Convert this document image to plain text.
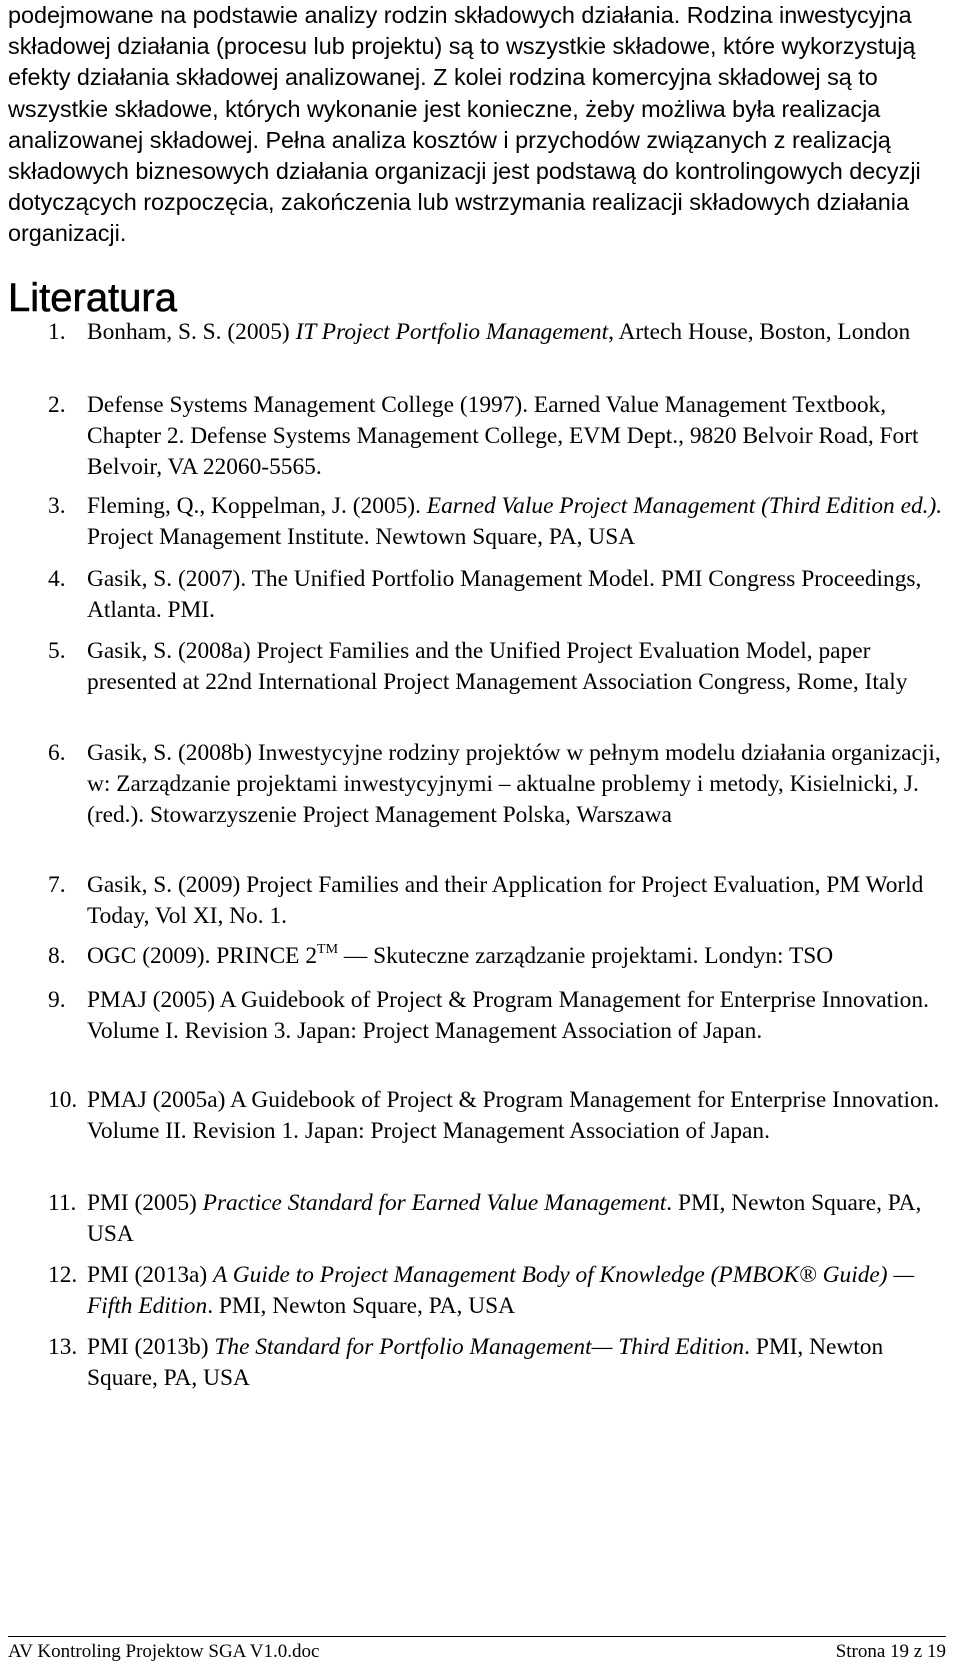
podejmowane na podstawie analizy rodzin składowych działania. Rodzina inwestycyjna składowej działania (procesu lub projektu) są to wszystkie składowe, które wykorzystują efekty działania składowej analizowanej. Z kolei rodzina komercyjna składowej są to wszystkie składowe, których wykonanie jest konieczne, żeby możliwa była realizacja analizowanej składowej. Pełna analiza kosztów i przychodów związanych z realizacją składowych biznesowych działania organizacji jest podstawą do kontrolingowych decyzji dotyczących rozpoczęcia, zakończenia lub wstrzymania realizacji składowych działania organizacji.

Literatura
1. Bonham, S. S. (2005) IT Project Portfolio Management, Artech House, Boston, London
2. Defense Systems Management College (1997). Earned Value Management Textbook, Chapter 2. Defense Systems Management College, EVM Dept., 9820 Belvoir Road, Fort Belvoir, VA 22060-5565.
3. Fleming, Q., Koppelman, J. (2005). Earned Value Project Management (Third Edition ed.). Project Management Institute. Newtown Square, PA, USA
4. Gasik, S. (2007). The Unified Portfolio Management Model. PMI Congress Proceedings, Atlanta. PMI.
5. Gasik, S. (2008a) Project Families and the Unified Project Evaluation Model, paper presented at 22nd International Project Management Association Congress, Rome, Italy
6. Gasik, S. (2008b) Inwestycyjne rodziny projektów w pełnym modelu działania organizacji, w: Zarządzanie projektami inwestycyjnymi – aktualne problemy i metody, Kisielnicki, J. (red.). Stowarzyszenie Project Management Polska, Warszawa
7. Gasik, S. (2009) Project Families and their Application for Project Evaluation, PM World Today, Vol XI, No. 1.
8. OGC (2009). PRINCE 2™ — Skuteczne zarządzanie projektami. Londyn: TSO
9. PMAJ (2005) A Guidebook of Project & Program Management for Enterprise Innovation. Volume I. Revision 3. Japan: Project Management Association of Japan.
10. PMAJ (2005a) A Guidebook of Project & Program Management for Enterprise Innovation. Volume II. Revision 1. Japan: Project Management Association of Japan.
11. PMI (2005) Practice Standard for Earned Value Management. PMI, Newton Square, PA, USA
12. PMI (2013a) A Guide to Project Management Body of Knowledge (PMBOK® Guide) — Fifth Edition. PMI, Newton Square, PA, USA
13. PMI (2013b) The Standard for Portfolio Management— Third Edition. PMI, Newton Square, PA, USA
AV Kontroling Projektow SGA V1.0.doc	Strona 19 z 19
